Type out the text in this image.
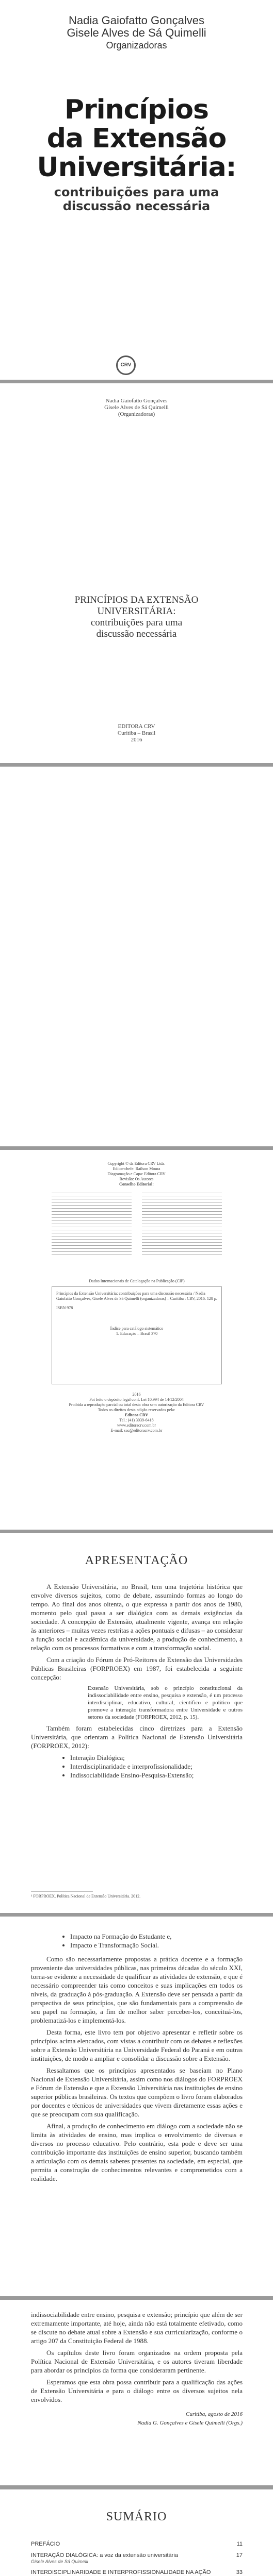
Nadia Gaiofatto Gonçalves
Gisele Alves de Sá Quimelli
Organizadoras
Princípios
da Extensão
Universitária:
contribuições para uma
discussão necessária
CRV
Nadia Gaiofatto Gonçalves
Gisele Alves de Sá Quimelli
(Organizadoras)
PRINCÍPIOS DA EXTENSÃO
UNIVERSITÁRIA:
contribuições para uma
discussão necessária
EDITORA CRV
Curitiba – Brasil
2016
Copyright © da Editora CRV Ltda.
Editor-chefe: Railson Moura
Diagramação e Capa: Editora CRV
Revisão: Os Autores
Conselho Editorial:
Dados Internacionais de Catalogação na Publicação (CIP)
Princípios da Extensão Universitária: contribuições para uma discussão necessária / Nadia Gaiofatto Gonçalves, Gisele Alves de Sá Quimelli (organizadoras) – Curitiba : CRV, 2016. 128 p.
ISBN 978
Índice para catálogo sistemático
1. Educação – Brasil 370
2016
Foi feito o depósito legal conf. Lei 10.994 de 14/12/2004
Proibida a reprodução parcial ou total desta obra sem autorização da Editora CRV
Todos os direitos desta edição reservados pela:
Editora CRV
Tel.: (41) 3039-6418
www.editoracrv.com.br
E-mail: sac@editoracrv.com.br
APRESENTAÇÃO

A Extensão Universitária, no Brasil, tem uma trajetória histórica que envolve diversos sujeitos, como de debate, assumindo formas ao longo do tempo. Ao final dos anos oitenta, o que expressa a partir dos anos de 1980, momento pelo qual passa a ser dialógica com as demais exigências da sociedade. A concepção de Extensão, atualmente vigente, avança em relação às anteriores – muitas vezes restritas a ações pontuais e difusas – ao considerar a função social e acadêmica da universidade, a produção de conhecimento, a relação com os processos formativos e com a transformação social.

Com a criação do Fórum de Pró-Reitores de Extensão das Universidades Públicas Brasileiras (FORPROEX) em 1987, foi estabelecida a seguinte concepção:

Extensão Universitária, sob o princípio constitucional da indissociabilidade entre ensino, pesquisa e extensão, é um processo interdisciplinar, educativo, cultural, científico e político que promove a interação transformadora entre Universidade e outros setores da sociedade (FORPROEX, 2012, p. 15).

Também foram estabelecidas cinco diretrizes para a Extensão Universitária, que orientam a Política Nacional de Extensão Universitária (FORPROEX, 2012):

• Interação Dialógica;
• Interdisciplinaridade e interprofissionalidade;
• Indissociabilidade Ensino-Pesquisa-Extensão;
¹ FORPROEX. Política Nacional de Extensão Universitária. 2012.
• Impacto na Formação do Estudante e,
• Impacto e Transformação Social.

Como são necessariamente propostas a prática docente e a formação proveniente das universidades públicas, nas primeiras décadas do século XXI, torna-se evidente a necessidade de qualificar as atividades de extensão, e que é necessário compreender tais como conceitos e suas implicações em todos os níveis, da graduação à pós-graduação. A Extensão deve ser pensada a partir da perspectiva de seus princípios, que são fundamentais para a compreensão de seu papel na formação, a fim de melhor saber perceber-los, conceituá-los, problematizá-los e implementá-los.

Desta forma, este livro tem por objetivo apresentar e refletir sobre os princípios acima elencados, com vistas a contribuir com os debates e reflexões sobre a Extensão Universitária na Universidade Federal do Paraná e em outras instituições, de modo a ampliar e consolidar a discussão sobre a Extensão.

Ressaltamos que os princípios apresentados se baseiam no Plano Nacional de Extensão Universitária, assim como nos diálogos do FORPROEX e Fórum de Extensão e que a Extensão Universitária nas instituições de ensino superior públicas brasileiras. Os textos que compõem o livro foram elaborados por docentes e técnicos de universidades que vivem diretamente essas ações e que se preocupam com sua qualificação.

Afinal, a produção de conhecimento em diálogo com a sociedade não se limita às atividades de ensino, mas implica o envolvimento de diversas e diversos no processo educativo. Pelo contrário, esta pode e deve ser uma contribuição importante das instituições de ensino superior, buscando também a articulação com os demais saberes presentes na sociedade, em especial, que permita a construção de conhecimentos relevantes e comprometidos com a realidade.

indissociabilidade entre ensino, pesquisa e extensão; princípio que além de ser extremamente importante, até hoje, ainda não está totalmente efetivado, como se discute no debate atual sobre a Extensão e sua curricularização, conforme o artigo 207 da Constituição Federal de 1988.

Os capítulos deste livro foram organizados na ordem proposta pela Política Nacional de Extensão Universitária, e os autores tiveram liberdade para abordar os princípios da forma que consideraram pertinente.

Esperamos que esta obra possa contribuir para a qualificação das ações de Extensão Universitária e para o diálogo entre os diversos sujeitos nela envolvidos.

Curitiba, agosto de 2016
Nadia G. Gonçalves e Gisele Quimelli (Orgs.)
SUMÁRIO
PREFÁCIO	11
INTERAÇÃO DIALÓGICA: a voz da extensão universitária	17
Gisele Alves de Sá Quimelli
INTERDISCIPLINARIDADE E INTERPROFISSIONALIDADE NA AÇÃO	33
